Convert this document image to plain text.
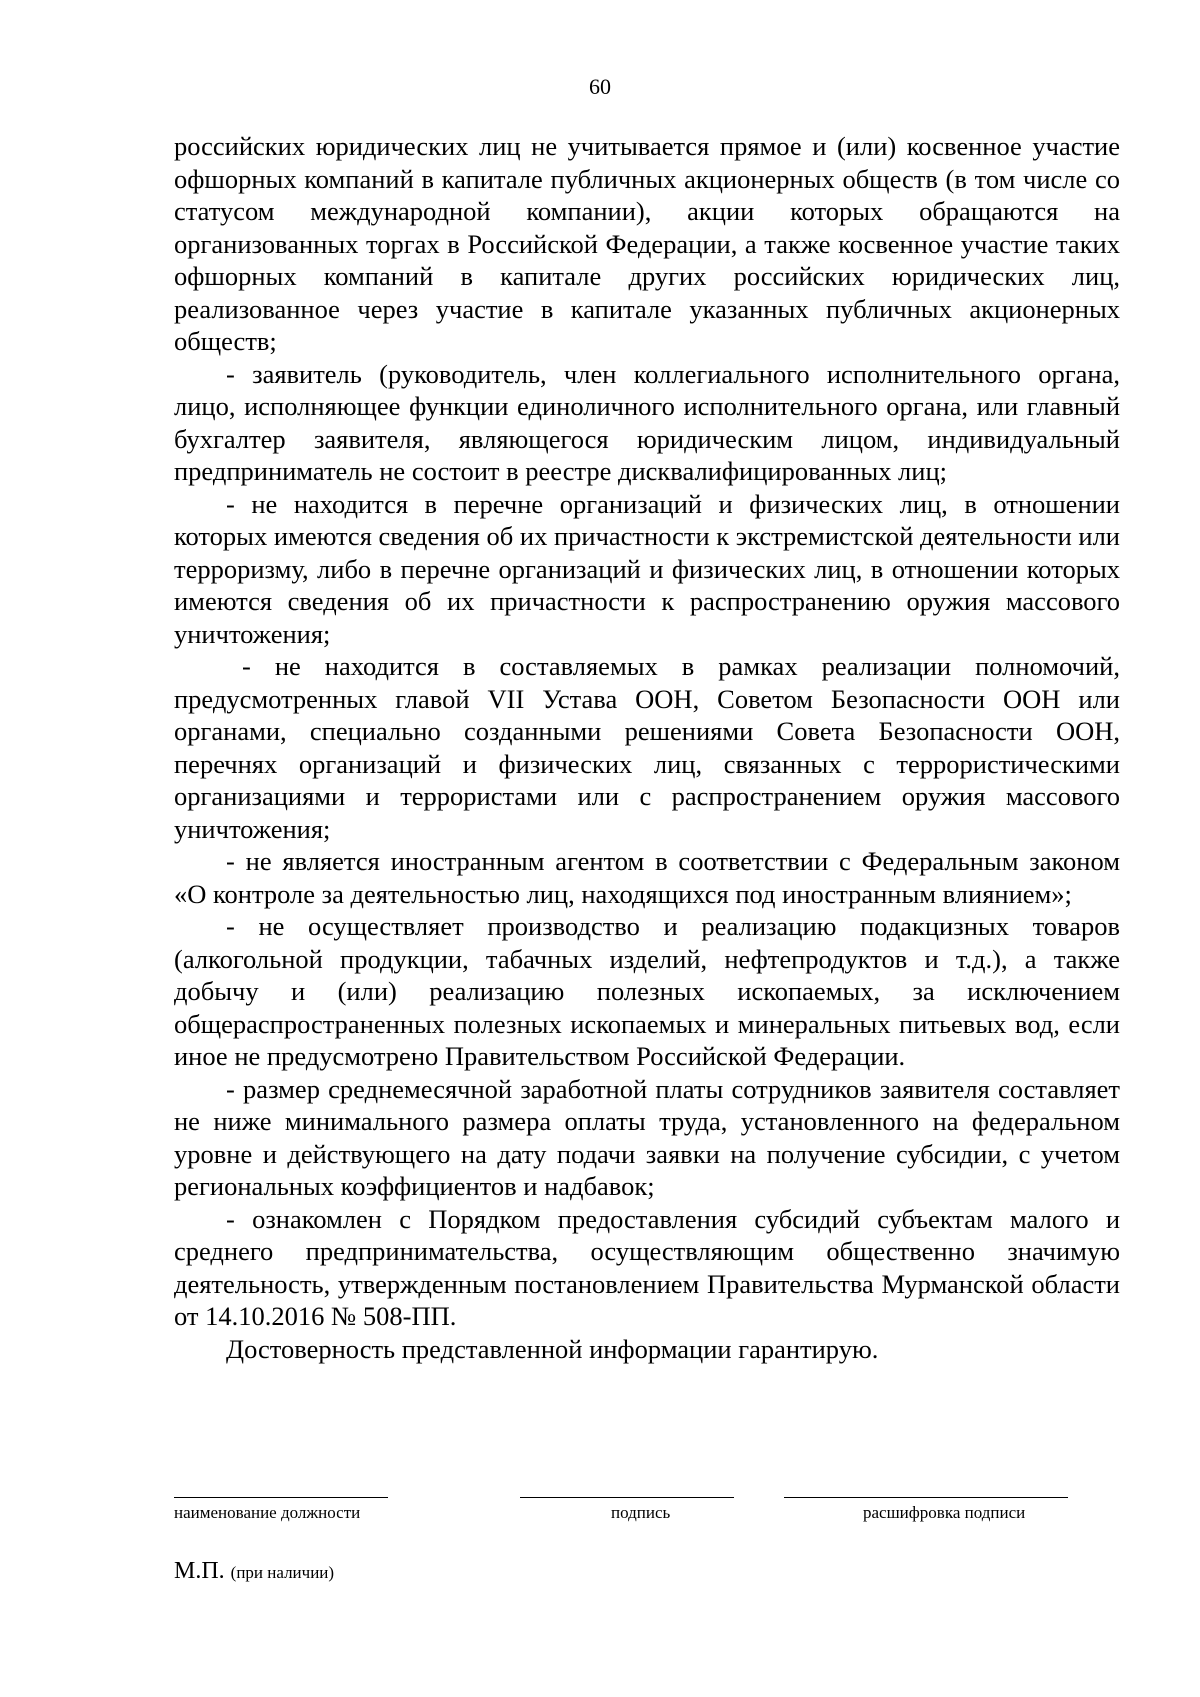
60

российских юридических лиц не учитывается прямое и (или) косвенное участие офшорных компаний в капитале публичных акционерных обществ (в том числе со статусом международной компании), акции которых обращаются на организованных торгах в Российской Федерации, а также косвенное участие таких офшорных компаний в капитале других российских юридических лиц, реализованное через участие в капитале указанных публичных акционерных обществ;

- заявитель (руководитель, член коллегиального исполнительного органа, лицо, исполняющее функции единоличного исполнительного органа, или главный бухгалтер заявителя, являющегося юридическим лицом, индивидуальный предприниматель не состоит в реестре дисквалифицированных лиц;

- не находится в перечне организаций и физических лиц, в отношении которых имеются сведения об их причастности к экстремистской деятельности или терроризму, либо в перечне организаций и физических лиц, в отношении которых имеются сведения об их причастности к распространению оружия массового уничтожения;

- не находится в составляемых в рамках реализации полномочий, предусмотренных главой VII Устава ООН, Советом Безопасности ООН или органами, специально созданными решениями Совета Безопасности ООН, перечнях организаций и физических лиц, связанных с террористическими организациями и террористами или с распространением оружия массового уничтожения;

- не является иностранным агентом в соответствии с Федеральным законом «О контроле за деятельностью лиц, находящихся под иностранным влиянием»;

- не осуществляет производство и реализацию подакцизных товаров (алкогольной продукции, табачных изделий, нефтепродуктов и т.д.), а также добычу и (или) реализацию полезных ископаемых, за исключением общераспространенных полезных ископаемых и минеральных питьевых вод, если иное не предусмотрено Правительством Российской Федерации.

- размер среднемесячной заработной платы сотрудников заявителя составляет не ниже минимального размера оплаты труда, установленного на федеральном уровне и действующего на дату подачи заявки на получение субсидии, с учетом региональных коэффициентов и надбавок;

- ознакомлен с Порядком предоставления субсидий субъектам малого и среднего предпринимательства, осуществляющим общественно значимую деятельность, утвержденным постановлением Правительства Мурманской области от 14.10.2016 № 508-ПП.

Достоверность представленной информации гарантирую.

наименование должности	подпись	расшифровка подписи
М.П. (при наличии)
